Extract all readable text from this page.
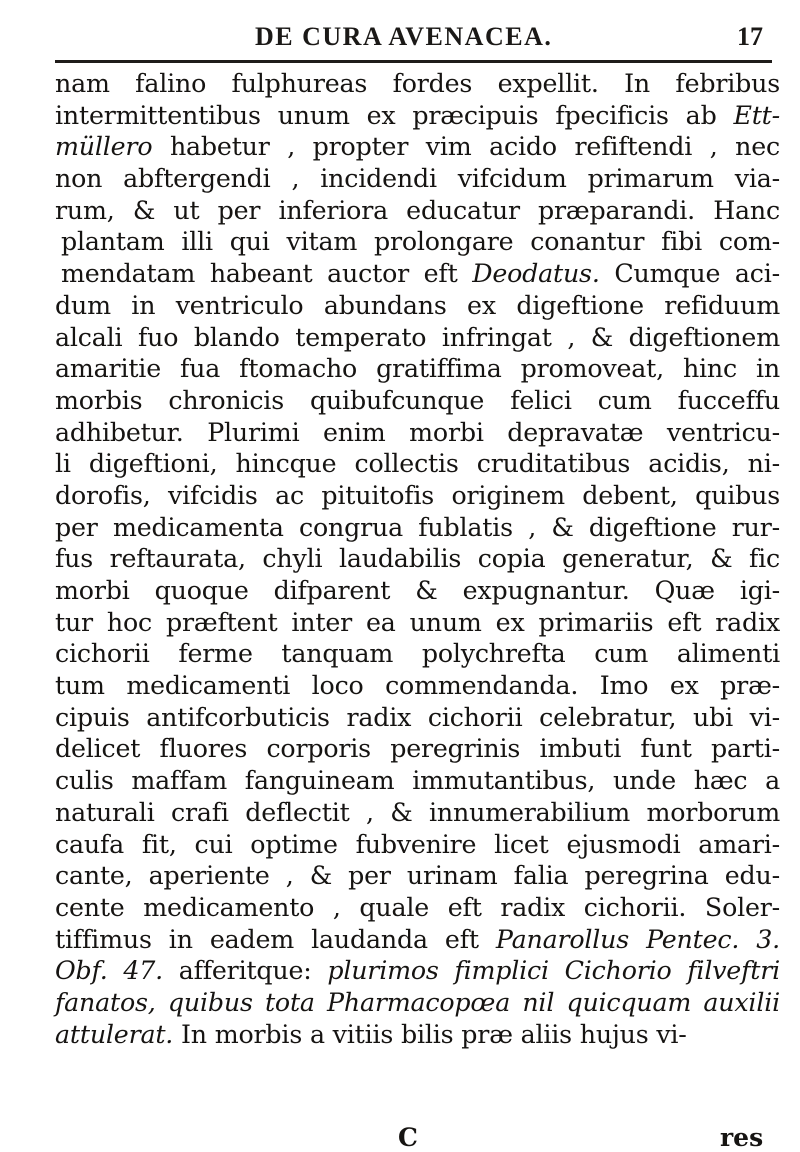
DE CURA AVENACEA.	17
nam falino fulphureas fordes expellit. In febribus
intermittentibus unum ex præcipuis fpecificis ab Ett-
müllero habetur , propter vim acido refiftendi , nec
non abftergendi , incidendi vifcidum primarum via-
rum, & ut per inferiora educatur præparandi. Hanc
plantam illi qui vitam prolongare conantur fibi com-
mendatam habeant auctor eft Deodatus. Cumque aci-
dum in ventriculo abundans ex digeftione refiduum
alcali fuo blando temperato infringat , & digeftionem
amaritie fua ftomacho gratiffima promoveat, hinc in
morbis chronicis quibufcunque felici cum fucceffu
adhibetur. Plurimi enim morbi depravatæ ventricu-
li digeftioni, hincque collectis cruditatibus acidis, ni-
dorofis, vifcidis ac pituitofis originem debent, quibus
per medicamenta congrua fublatis , & digeftione rur-
fus reftaurata, chyli laudabilis copia generatur, & fic
morbi quoque difparent & expugnantur. Quæ igi-
tur hoc præftent inter ea unum ex primariis eft radix
cichorii ferme tanquam polychrefta cum alimenti
tum medicamenti loco commendanda. Imo ex præ-
cipuis antifcorbuticis radix cichorii celebratur, ubi vi-
delicet fluores corporis peregrinis imbuti funt parti-
culis maffam fanguineam immutantibus, unde hæc a
naturali crafi deflectit , & innumerabilium morborum
caufa fit, cui optime fubvenire licet ejusmodi amari-
cante, aperiente , & per urinam falia peregrina edu-
cente medicamento , quale eft radix cichorii. Soler-
tiffimus in eadem laudanda eft Panarollus Pentec. 3.
Obf. 47. afferitque: plurimos fimplici Cichorio filveftri
fanatos, quibus tota Pharmacopœa nil quicquam auxilii
attulerat. In morbis a vitiis bilis præ aliis hujus vi-
C	res
